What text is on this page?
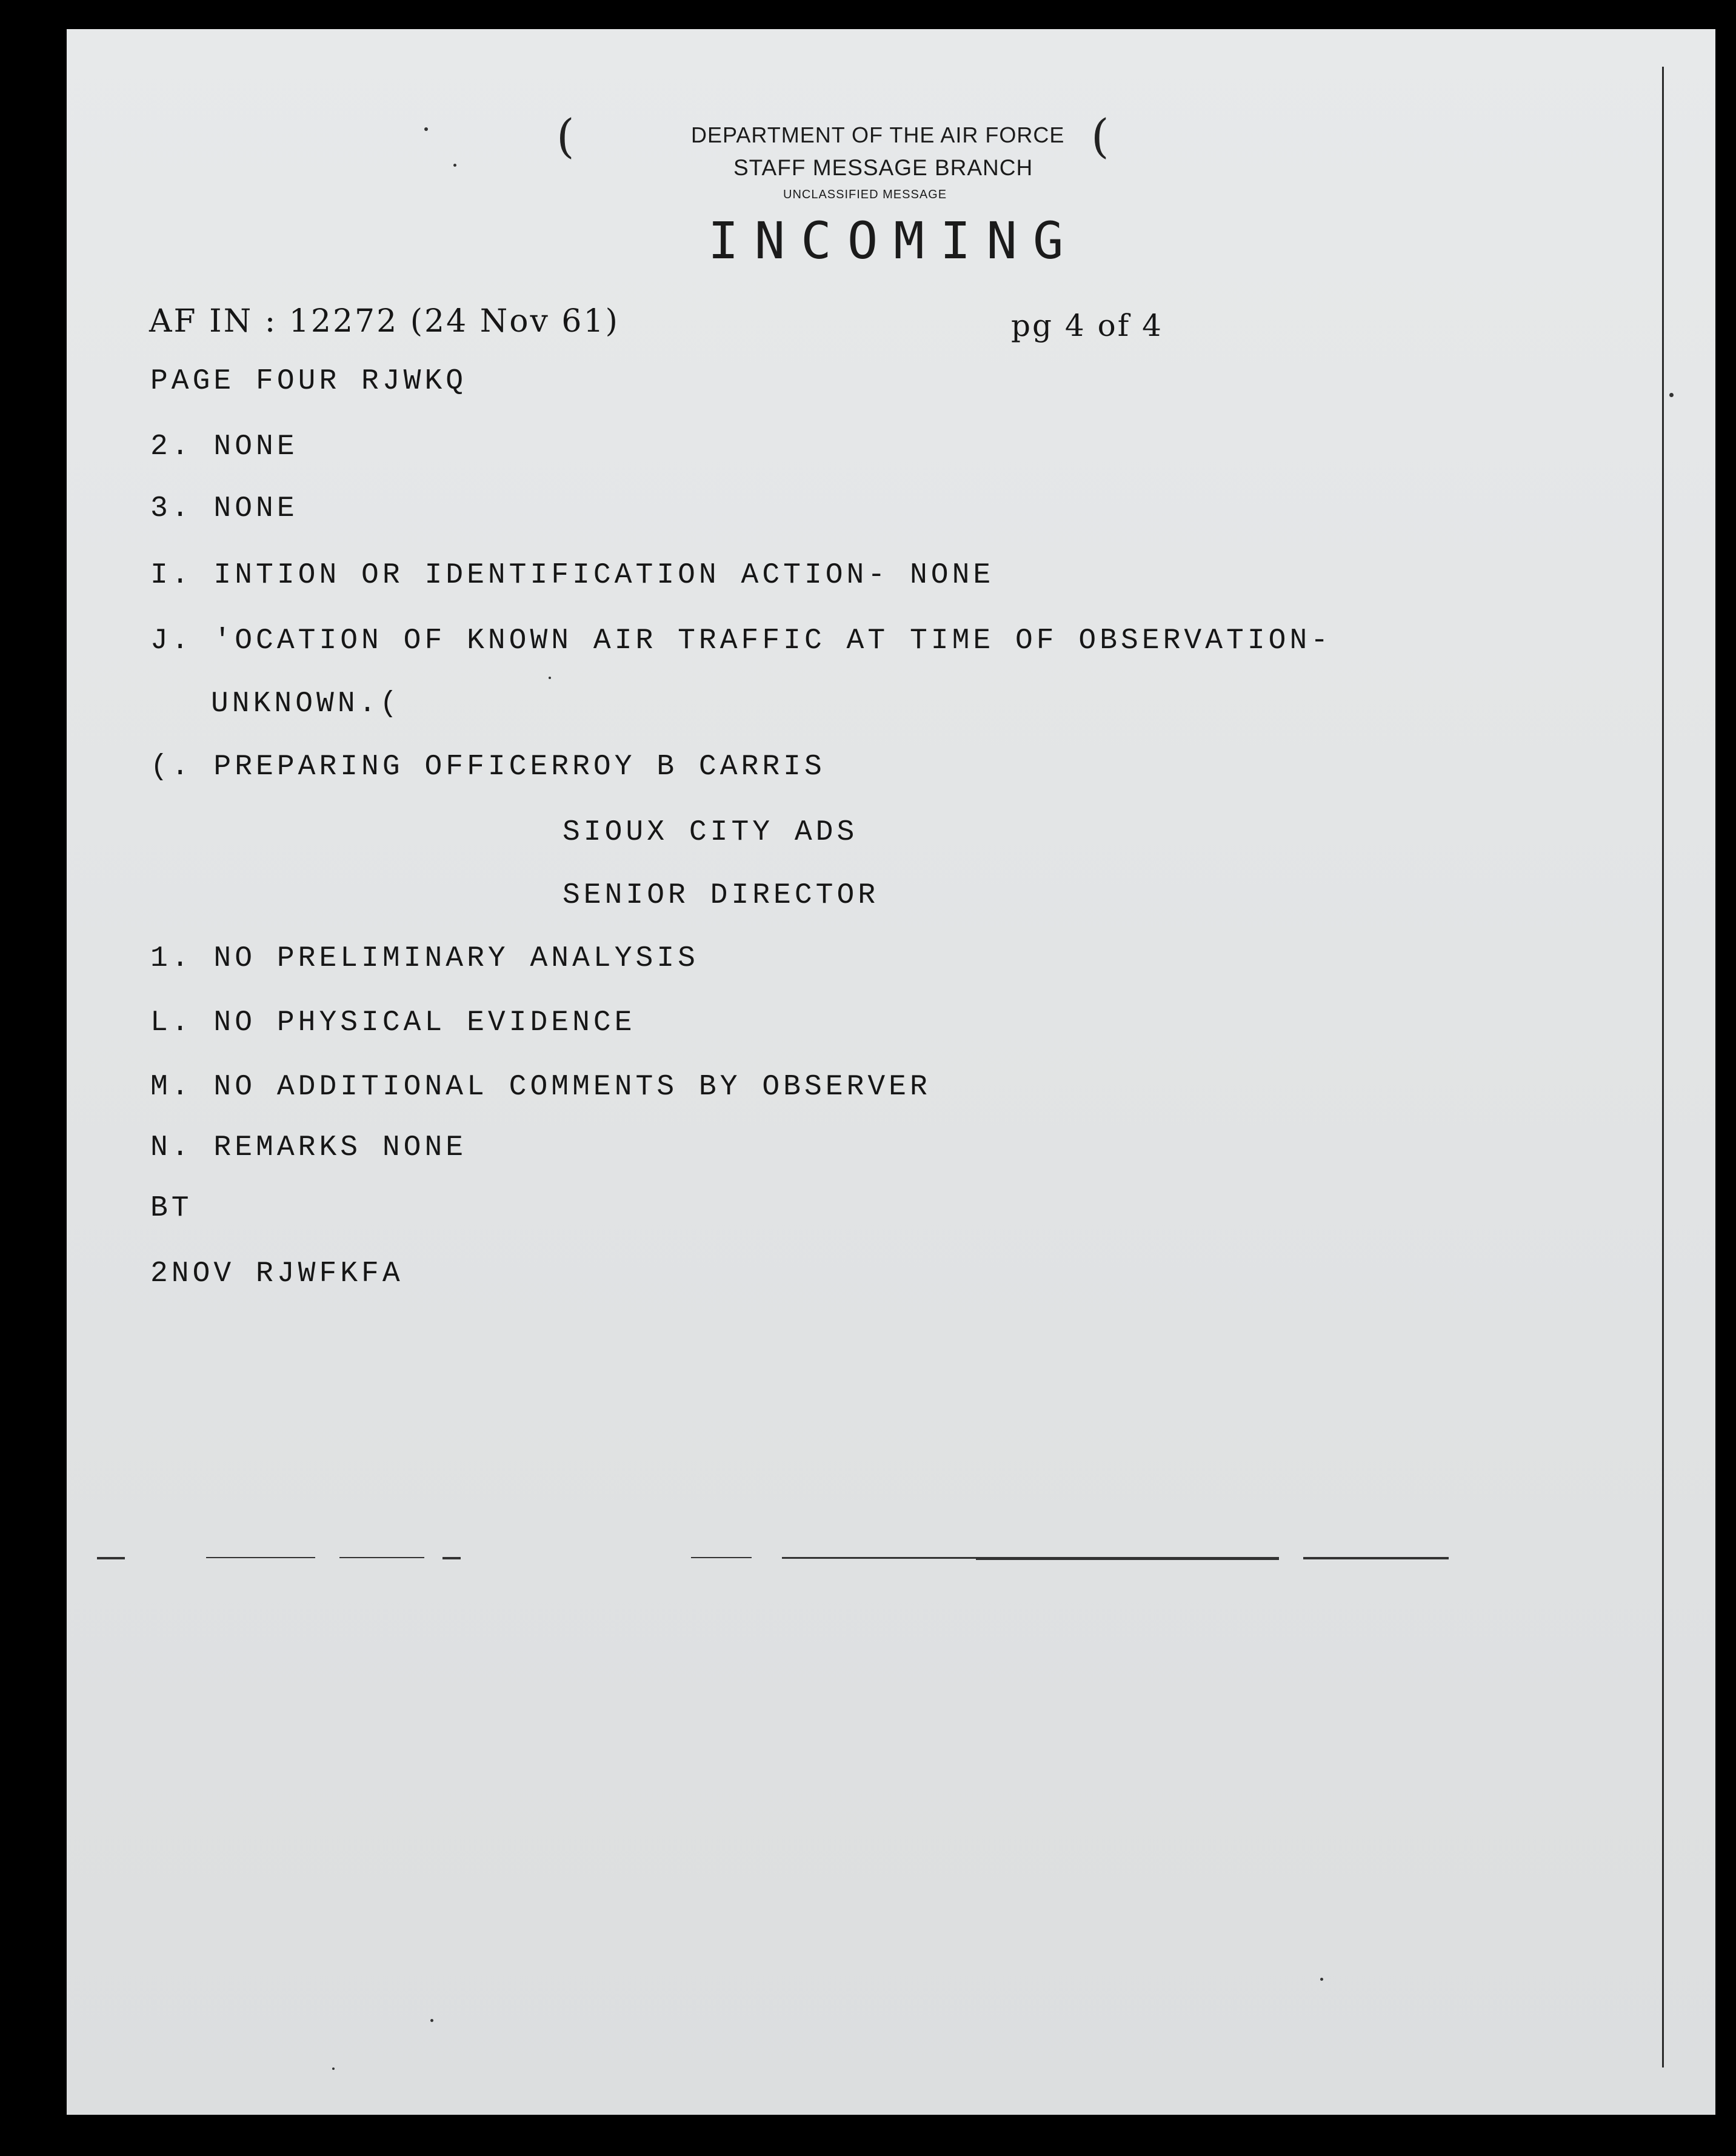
(	(
DEPARTMENT OF THE AIR FORCE
STAFF MESSAGE BRANCH
UNCLASSIFIED MESSAGE
INCOMING
AF IN : 12272 (24 Nov 61)	pg 4 of 4
PAGE FOUR RJWKQ
2. NONE
3. NONE
I. INTION OR IDENTIFICATION ACTION- NONE
J. 'OCATION OF KNOWN AIR TRAFFIC AT TIME OF OBSERVATION-
UNKNOWN.(
(. PREPARING OFFICERROY B CARRIS
SIOUX CITY ADS
SENIOR DIRECTOR
1. NO PRELIMINARY ANALYSIS
L. NO PHYSICAL EVIDENCE
M. NO ADDITIONAL COMMENTS BY OBSERVER
N. REMARKS NONE
BT
2NOV RJWFKFA
